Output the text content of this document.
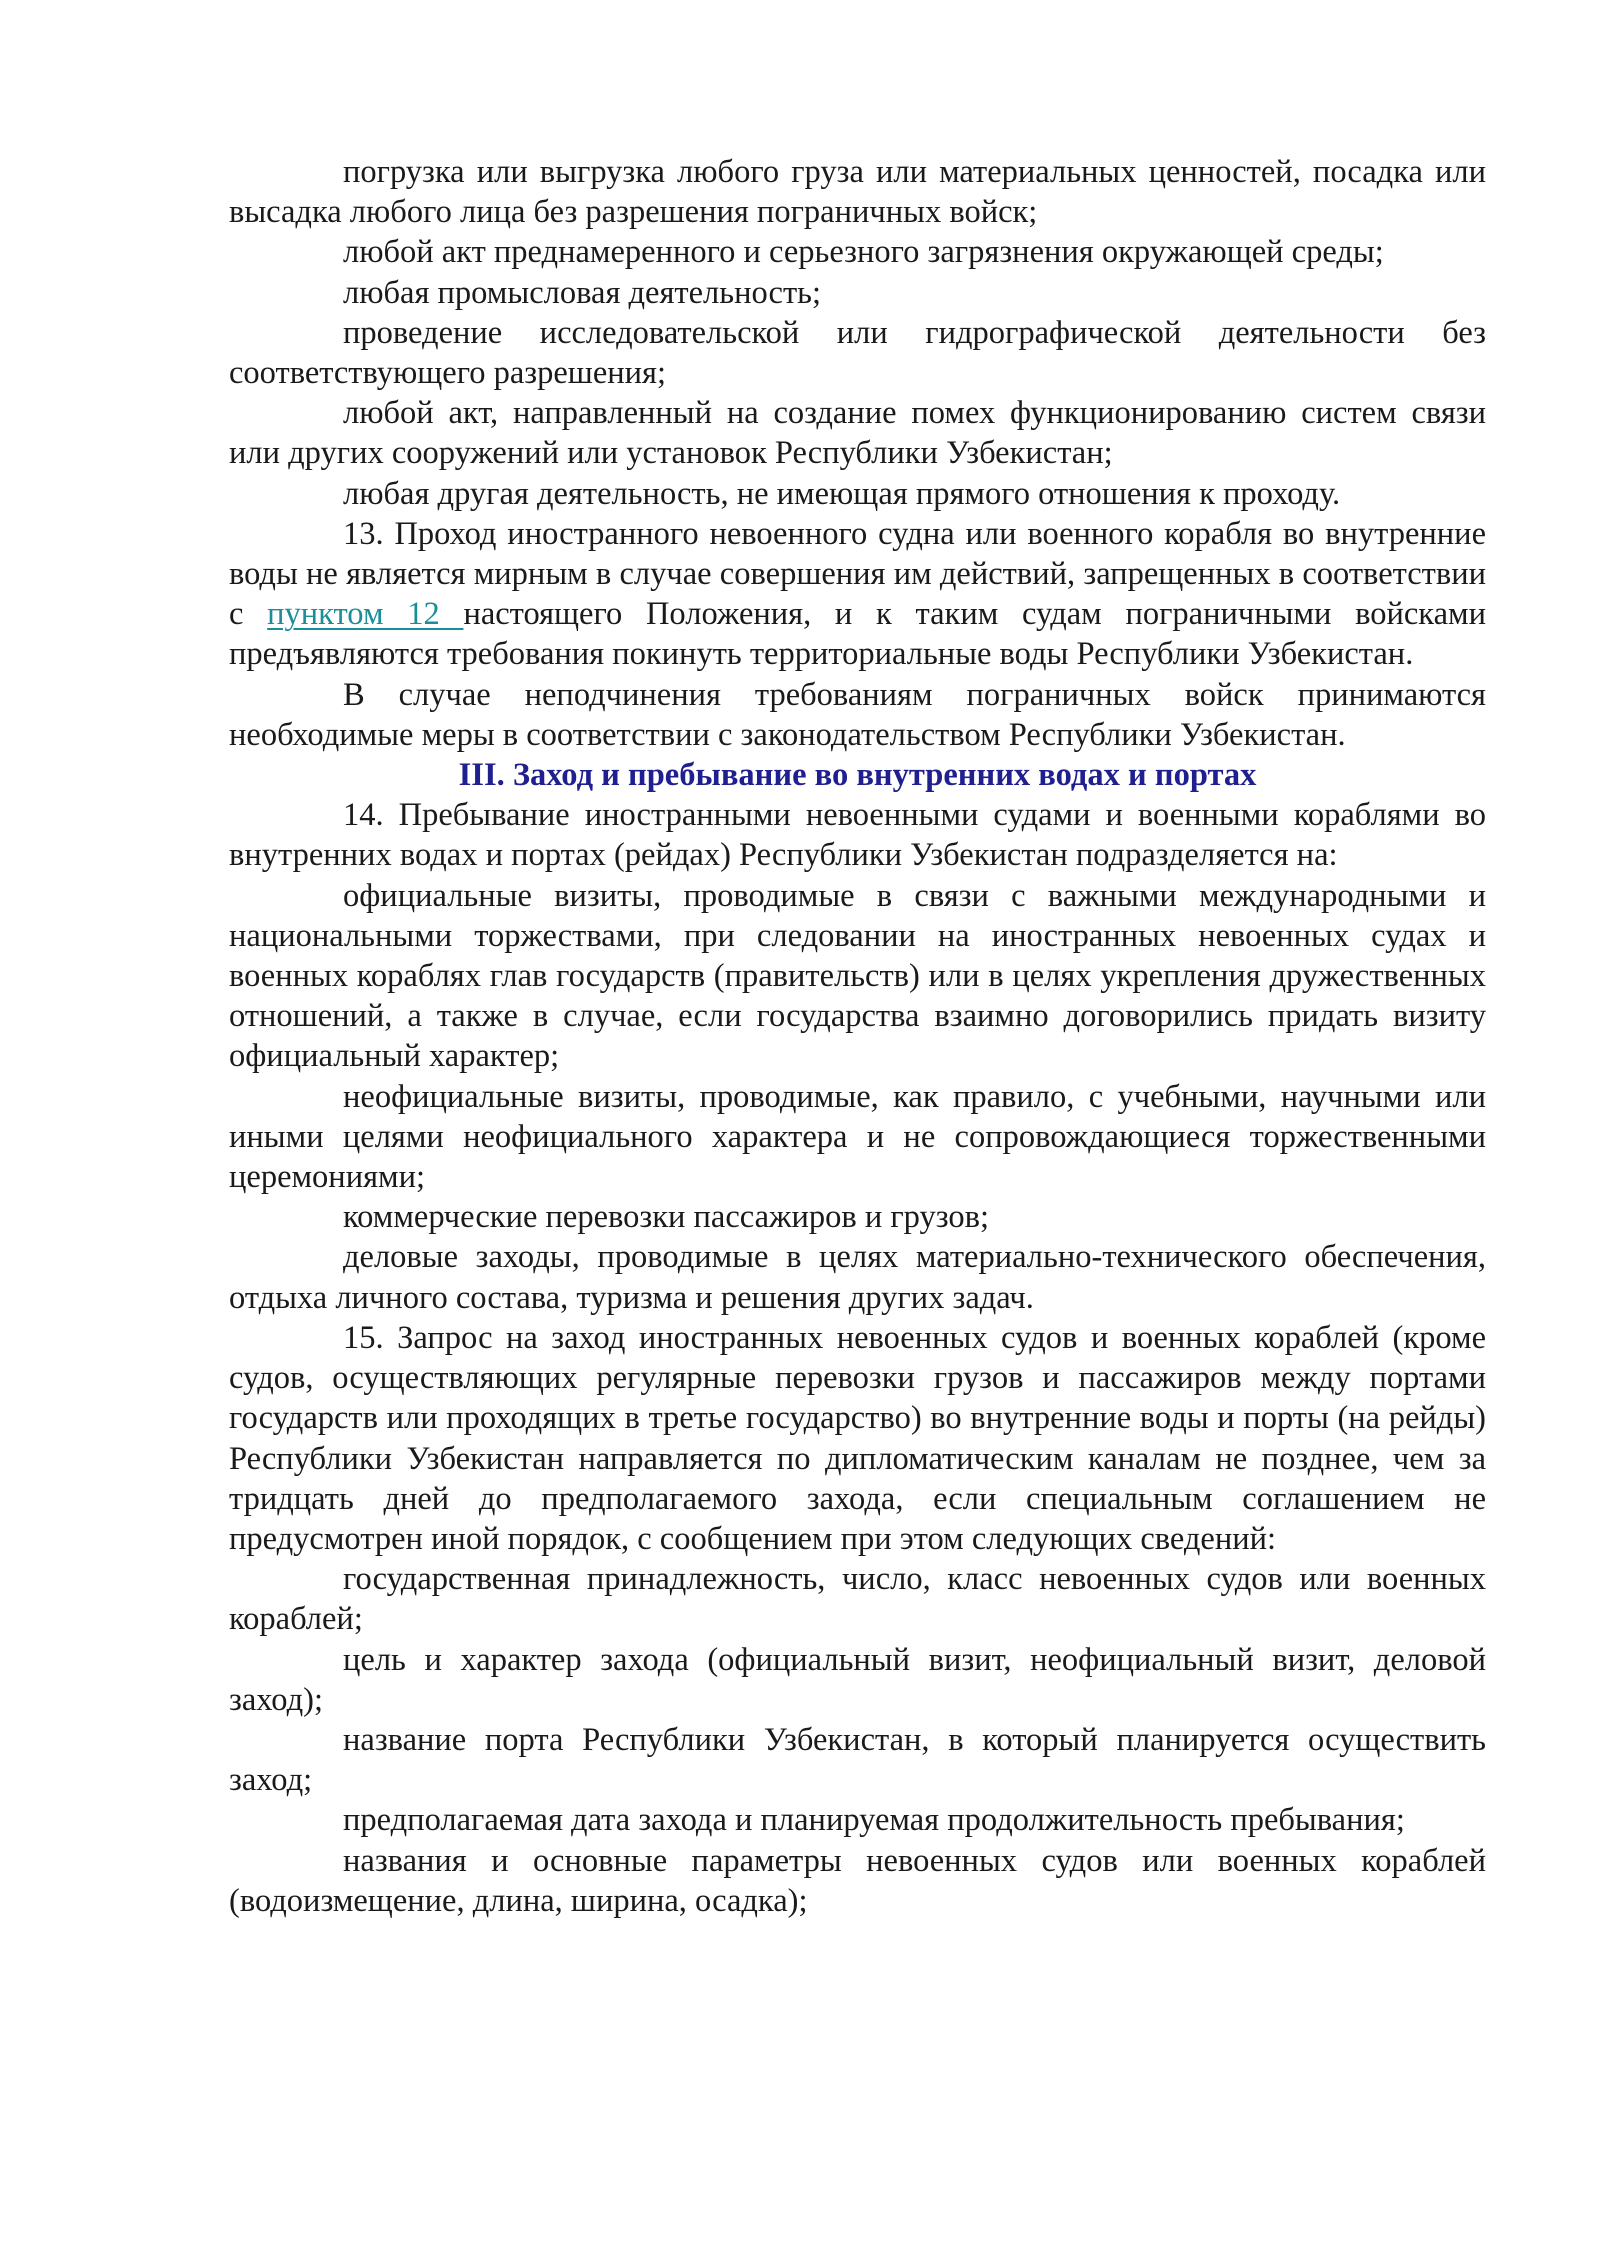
погрузка или выгрузка любого груза или материальных ценностей, посадка или высадка любого лица без разрешения пограничных войск;

любой акт преднамеренного и серьезного загрязнения окружающей среды;

любая промысловая деятельность;

проведение исследовательской или гидрографической деятельности без соответствующего разрешения;

любой акт, направленный на создание помех функционированию систем связи или других сооружений или установок Республики Узбекистан;

любая другая деятельность, не имеющая прямого отношения к проходу.

13. Проход иностранного невоенного судна или военного корабля во внутренние воды не является мирным в случае совершения им действий, запрещенных в соответствии с пунктом 12 настоящего Положения, и к таким судам пограничными войсками предъявляются требования покинуть территориальные воды Республики Узбекистан.

В случае неподчинения требованиям пограничных войск принимаются необходимые меры в соответствии с законодательством Республики Узбекистан.

III. Заход и пребывание во внутренних водах и портах

14. Пребывание иностранными невоенными судами и военными кораблями во внутренних водах и портах (рейдах) Республики Узбекистан подразделяется на:

официальные визиты, проводимые в связи с важными международными и национальными торжествами, при следовании на иностранных невоенных судах и военных кораблях глав государств (правительств) или в целях укрепления дружественных отношений, а также в случае, если государства взаимно договорились придать визиту официальный характер;

неофициальные визиты, проводимые, как правило, с учебными, научными или иными целями неофициального характера и не сопровождающиеся торжественными церемониями;

коммерческие перевозки пассажиров и грузов;

деловые заходы, проводимые в целях материально-технического обеспечения, отдыха личного состава, туризма и решения других задач.

15. Запрос на заход иностранных невоенных судов и военных кораблей (кроме судов, осуществляющих регулярные перевозки грузов и пассажиров между портами государств или проходящих в третье государство) во внутренние воды и порты (на рейды) Республики Узбекистан направляется по дипломатическим каналам не позднее, чем за тридцать дней до предполагаемого захода, если специальным соглашением не предусмотрен иной порядок, с сообщением при этом следующих сведений:

государственная принадлежность, число, класс невоенных судов или военных кораблей;

цель и характер захода (официальный визит, неофициальный визит, деловой заход);

название порта Республики Узбекистан, в который планируется осуществить заход;

предполагаемая дата захода и планируемая продолжительность пребывания;

названия и основные параметры невоенных судов или военных кораблей (водоизмещение, длина, ширина, осадка);
